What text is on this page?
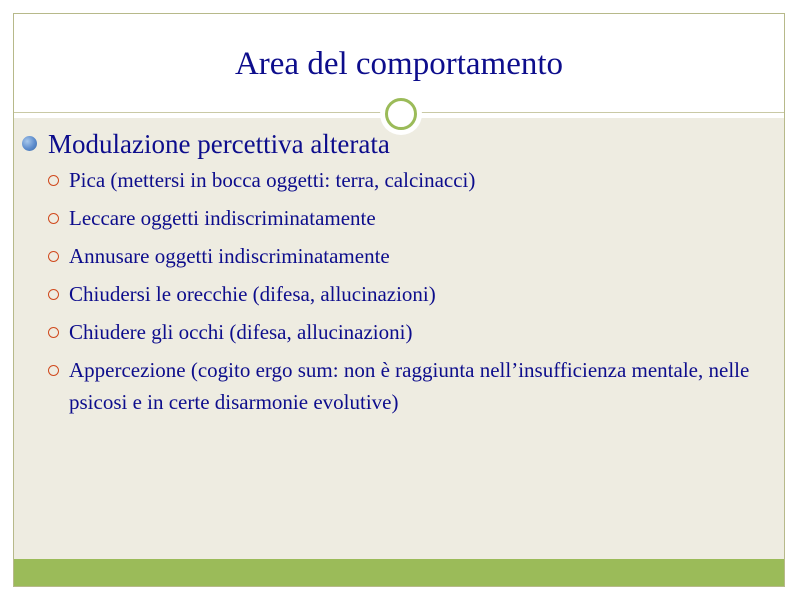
Area del comportamento
Modulazione percettiva alterata
Pica (mettersi in bocca oggetti: terra, calcinacci)
Leccare oggetti indiscriminatamente
Annusare oggetti indiscriminatamente
Chiudersi le orecchie (difesa, allucinazioni)
Chiudere gli occhi (difesa, allucinazioni)
Appercezione (cogito ergo sum: non è raggiunta nell’insufficienza mentale, nelle psicosi e in certe disarmonie evolutive)
